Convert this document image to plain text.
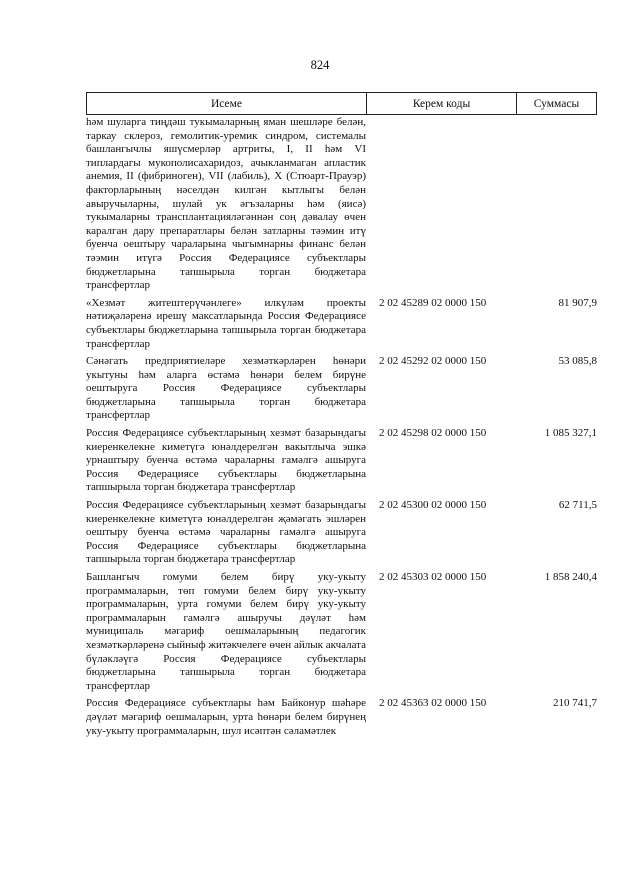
824
Исеме	Керем коды	Суммасы
һәм шуларга тиңдәш тукымаларның яман шешләре белән, таркау склероз, гемолитик-уремик синдром, системалы башлангычлы яшүсмерләр артриты, I, II һәм VI типлардагы мукополисахаридоз, ачыкланмаган апластик анемия, II (фибриноген), VII (лабиль), X (Стюарт-Прауэр) факторларының нәселдән килгән кытлыгы белән авыручыларны, шулай ук әгъзаларны һәм (яисә) тукымаларны трансплантацияләгәннән соң дәвалау өчен каралган дару препаратлары белән затларны тәэмин итү буенча оештыру чараларына чыгымнарны финанс белән тәэмин итүгә Россия Федерациясе субъектлары бюджетларына тапшырыла торган бюджетара трансфертлар
«Хезмәт житештерүчәнлеге» илкүләм проекты нәтиҗәләренә ирешү максатларында Россия Федерациясе субъектлары бюджетларына тапшырыла торган бюджетара трансфертлар
2 02 45289 02 0000 150	81 907,9
Сәнәгать предприятиеләре хезмәткәрләрен һөнәри укытуны һәм аларга өстәмә һөнәри белем бирүне оештыруга Россия Федерациясе субъектлары бюджетларына тапшырыла торган бюджетара трансфертлар
2 02 45292 02 0000 150	53 085,8
Россия Федерациясе субъектларының хезмәт базарындагы киеренкелекне киметүгә юнәлдерелгән вакытлыча эшкә урнаштыру буенча өстәмә чараларны гамәлгә ашыруга Россия Федерациясе субъектлары бюджетларына тапшырыла торган бюджетара трансфертлар
2 02 45298 02 0000 150	1 085 327,1
Россия Федерациясе субъектларының хезмәт базарындагы киеренкелекне киметүгә юнәлдерелгән җәмәгать эшләрен оештыру буенча өстәмә чараларны гамәлгә ашыруга Россия Федерациясе субъектлары бюджетларына тапшырыла торган бюджетара трансфертлар
2 02 45300 02 0000 150	62 711,5
Башлангыч гомуми белем бирү уку-укыту программаларын, төп гомуми белем бирү уку-укыту программаларын, урта гомуми белем бирү уку-укыту программаларын гамәлгә ашыручы дәүләт һәм муниципаль мәгариф оешмаларының педагогик хезмәткәрләренә сыйныф житәкчелеге өчен айлык акчалата бүләкләүгә Россия Федерациясе субъектлары бюджетларына тапшырыла торган бюджетара трансфертлар
2 02 45303 02 0000 150	1 858 240,4
Россия Федерациясе субъектлары һәм Байконур шәһәре дәүләт мәгариф оешмаларын, урта һөнәри белем бирүнең уку-укыту программаларын, шул исәптән сәламәтлек
2 02 45363 02 0000 150	210 741,7
